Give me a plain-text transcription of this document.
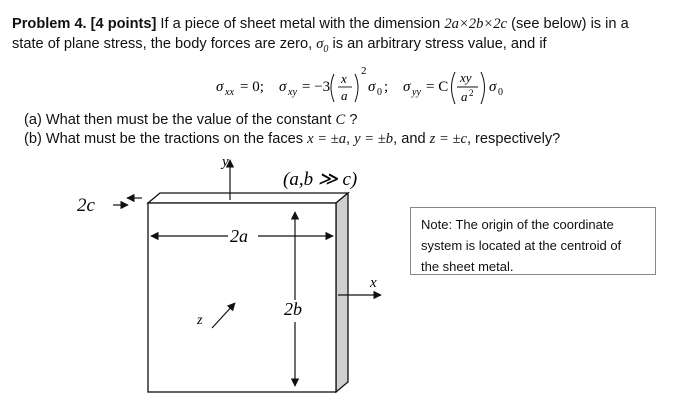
Problem 4. [4 points] If a piece of sheet metal with the dimension 2a×2b×2c (see below) is in a
state of plane stress, the body forces are zero, $\sigma_0$ is an arbitrary stress value, and if
σ xx = 0; σ xy = −3
x
a
2
σ 0 ; σ yy = C
xy
a 2 σ 0
(a) What then must be the value of the constant C ?
(b) What must be the tractions on the faces x = ±a, y = ±b, and z = ±c, respectively?
y
(a,b ≫ c)
2c
2a
2b
x
z
Note: The origin of the coordinate
system is located at the centroid of
the sheet metal.
